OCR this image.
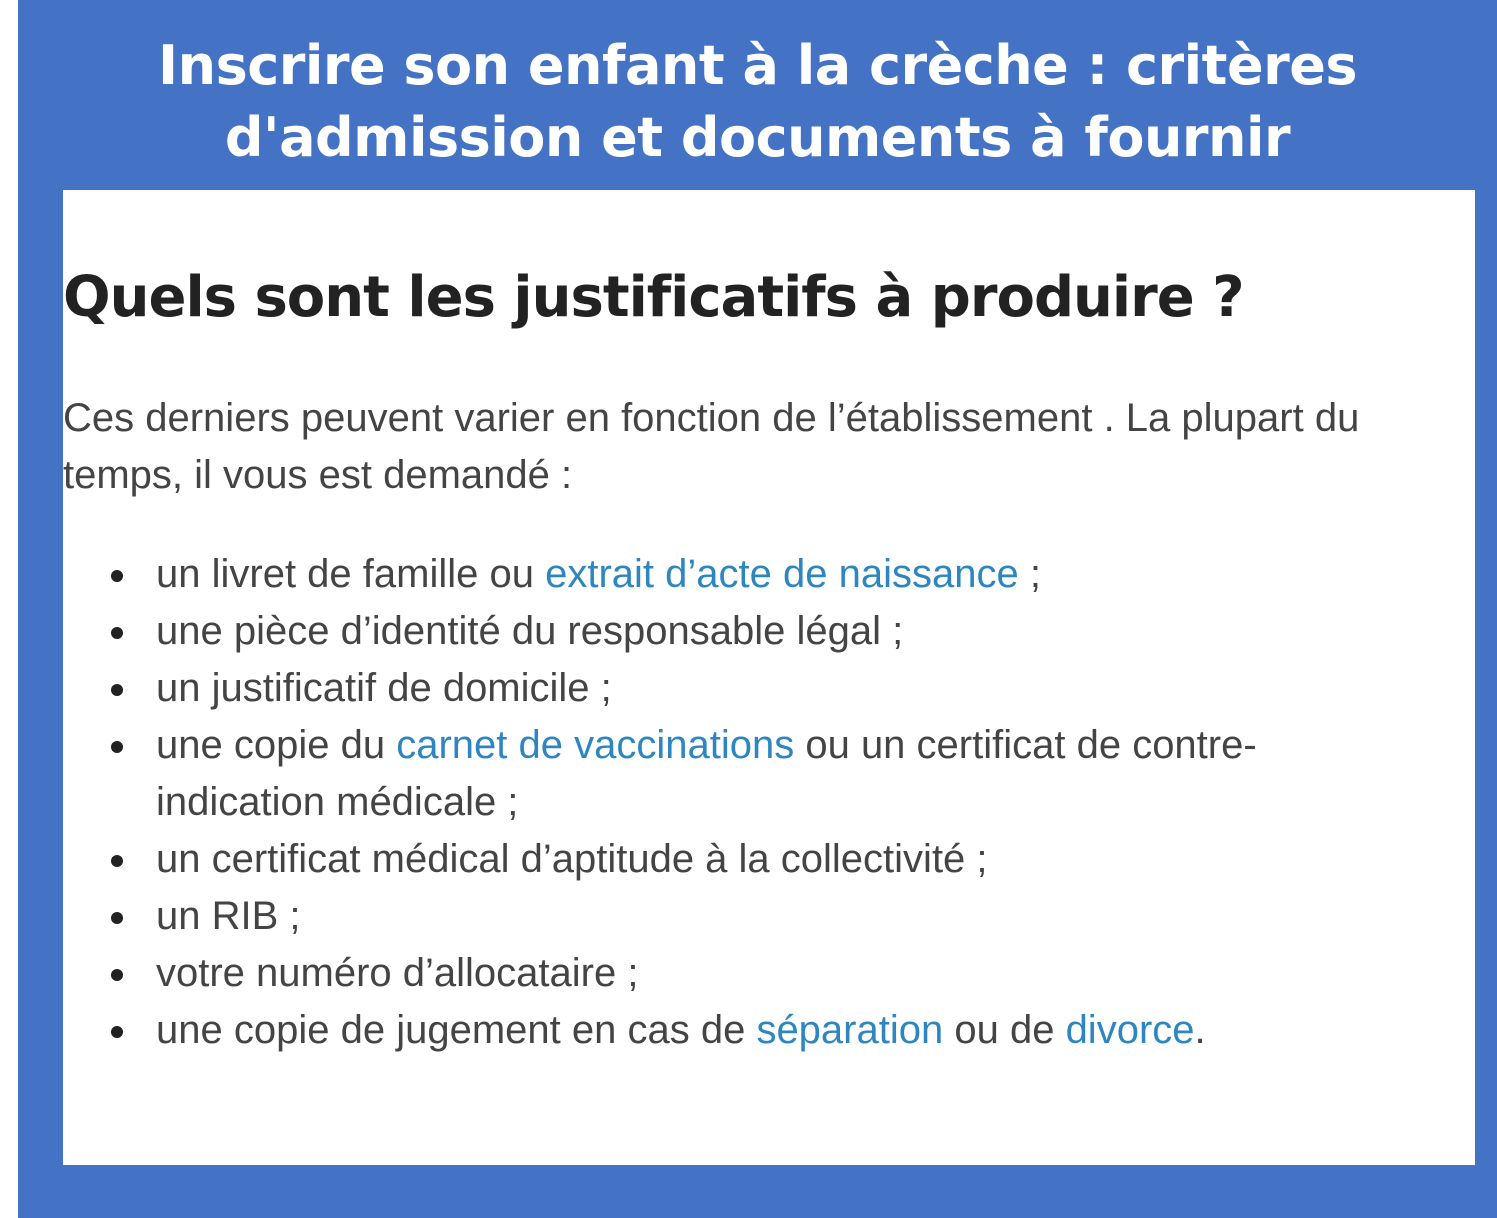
Inscrire son enfant à la crèche : critères
d'admission et documents à fournir
Quels sont les justificatifs à produire ?

Ces derniers peuvent varier en fonction de l’établissement . La plupart du temps, il vous est demandé :

un livret de famille ou extrait d’acte de naissance ;
une pièce d’identité du responsable légal ;
un justificatif de domicile ;
une copie du carnet de vaccinations ou un certificat de contre-indication médicale ;
un certificat médical d’aptitude à la collectivité ;
un RIB ;
votre numéro d’allocataire ;
une copie de jugement en cas de séparation ou de divorce.
